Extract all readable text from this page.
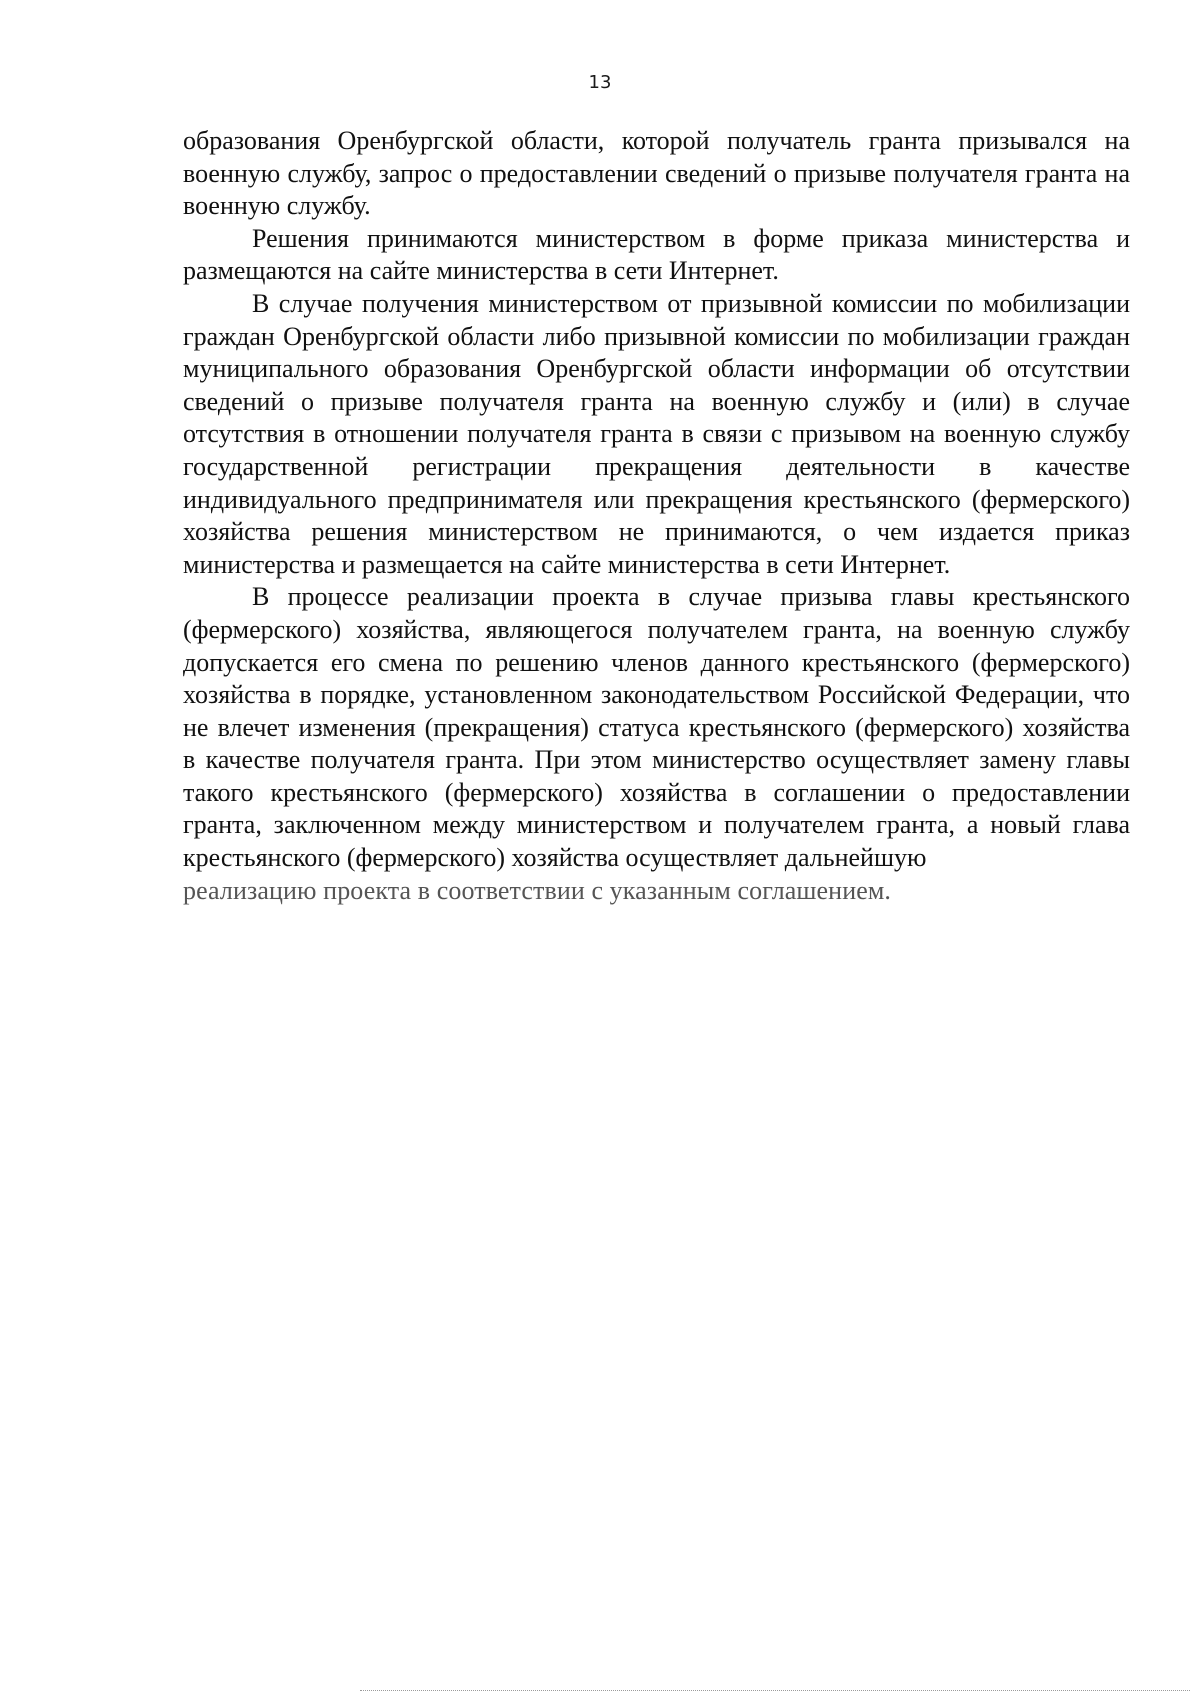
13

образования Оренбургской области, которой получатель гранта призывался на военную службу, запрос о предоставлении сведений о призыве получателя гранта на военную службу.

Решения принимаются министерством в форме приказа министерства и размещаются на сайте министерства в сети Интернет.

В случае получения министерством от призывной комиссии по мобилизации граждан Оренбургской области либо призывной комиссии по мобилизации граждан муниципального образования Оренбургской области информации об отсутствии сведений о призыве получателя гранта на военную службу и (или) в случае отсутствия в отношении получателя гранта в связи с призывом на военную службу государственной регистрации прекращения деятельности в качестве индивидуального предпринимателя или прекращения крестьянского (фермерского) хозяйства решения министерством не принимаются, о чем издается приказ министерства и размещается на сайте министерства в сети Интернет.

В процессе реализации проекта в случае призыва главы крестьянского (фермерского) хозяйства, являющегося получателем гранта, на военную службу допускается его смена по решению членов данного крестьянского (фермерского) хозяйства в порядке, установленном законодательством Российской Федерации, что не влечет изменения (прекращения) статуса крестьянского (фермерского) хозяйства в качестве получателя гранта. При этом министерство осуществляет замену главы такого крестьянского (фермерского) хозяйства в соглашении о предоставлении гранта, заключенном между министерством и получателем гранта, а новый глава крестьянского (фермерского) хозяйства осуществляет дальнейшую

реализацию проекта в соответствии с указанным соглашением.
